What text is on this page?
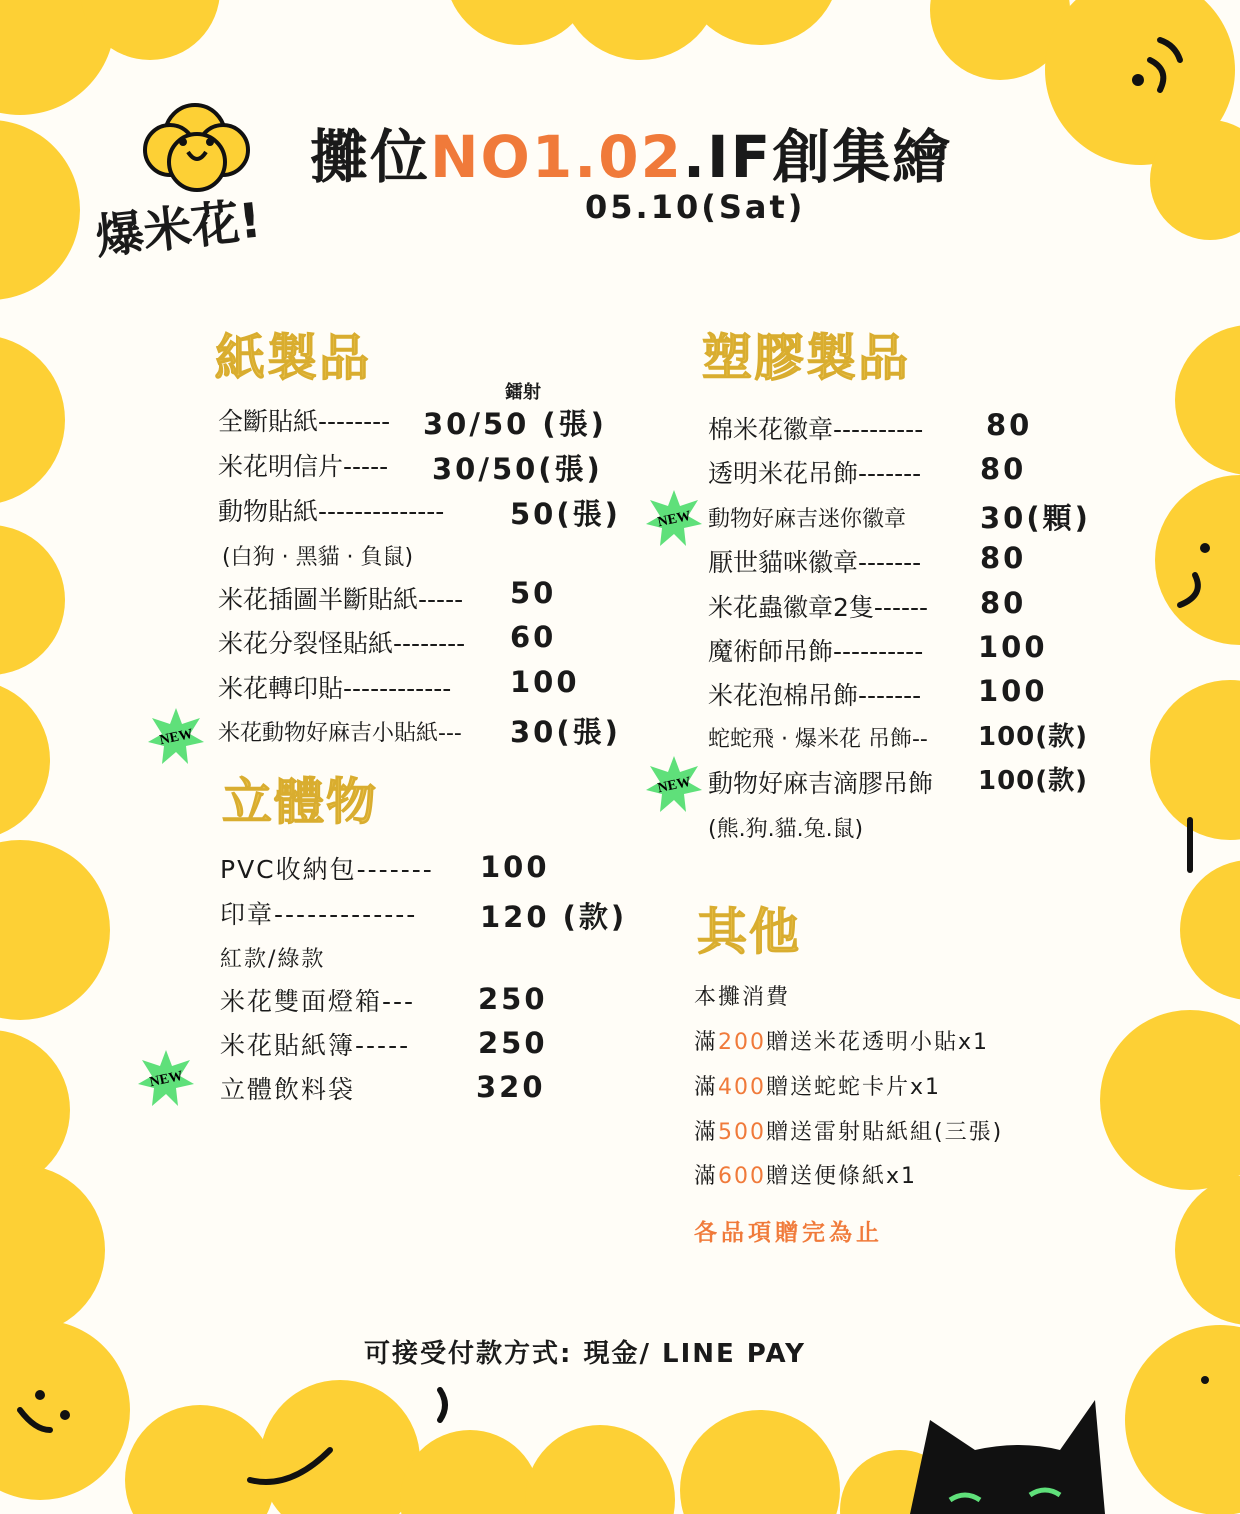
爆米花!
攤位NO1.02.IF創集繪
05.10(Sat)
紙製品
鐳射
全斷貼紙-------- 30/50 (張)
米花明信片----- 30/50(張)
動物貼紙-------------- 50(張)
(白狗 · 黑貓 · 負鼠)
米花插圖半斷貼紙----- 50
米花分裂怪貼紙-------- 60
米花轉印貼------------ 100
米花動物好麻吉小貼紙--- 30(張)
立體物
PVC收納包------- 100
印章------------- 120 (款)
紅款/綠款
米花雙面燈箱--- 250
米花貼紙簿----- 250
立體飲料袋	320
塑膠製品
棉米花徽章---------- 80
透明米花吊飾------- 80
動物好麻吉迷你徽章	30(顆)
厭世貓咪徽章------- 80
米花蟲徽章2隻------ 80
魔術師吊飾---------- 100
米花泡棉吊飾------- 100
蛇蛇飛 · 爆米花 吊飾-- 100(款)
動物好麻吉滴膠吊飾 100(款)
(熊.狗.貓.兔.鼠)
其他
本攤消費
滿200贈送米花透明小貼x1
滿400贈送蛇蛇卡片x1
滿500贈送雷射貼紙組(三張)
滿600贈送便條紙x1
各品項贈完為止
可接受付款方式: 現金/ LINE PAY
NEW
NEW
NEW
NEW
